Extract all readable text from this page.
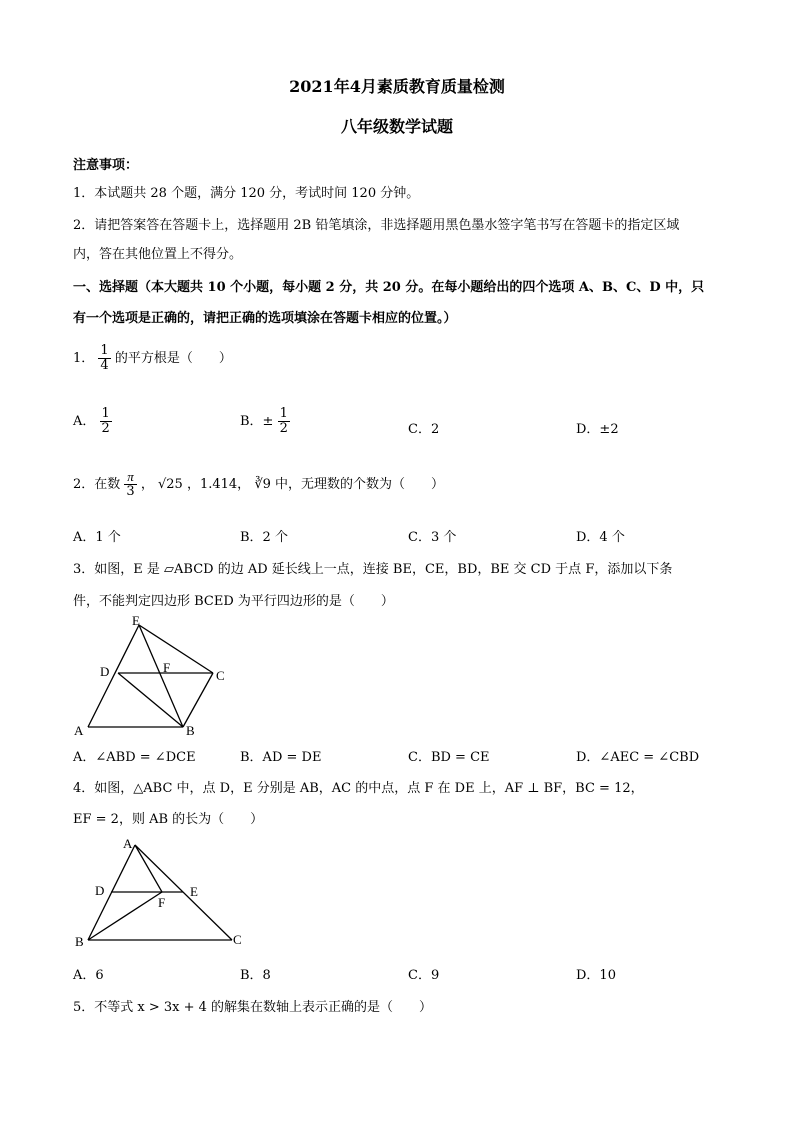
2021年4月素质教育质量检测
八年级数学试题
注意事项：
1．本试题共 28 个题，满分 120 分，考试时间 120 分钟。
2．请把答案答在答题卡上，选择题用 2B 铅笔填涂，非选择题用黑色墨水签字笔书写在答题卡的指定区域
内，答在其他位置上不得分。
一、选择题（本大题共 10 个小题，每小题 2 分，共 20 分。在每小题给出的四个选项 A、B、C、D 中，只
有一个选项是正确的，请把正确的选项填涂在答题卡相应的位置。）
1． $\frac{1}{4}$ 的平方根是（　　）
A． $\frac{1}{2}$	B．± $\frac{1}{2}$	C．2	D．±2
2．在数 $\frac{\pi}{3}$ ， √25 ，1.414， ∛9 中，无理数的个数为（　　）
A．1 个	B．2 个	C．3 个	D．4 个
3．如图，E 是 ▱ABCD 的边 AD 延长线上一点，连接 BE，CE，BD，BE 交 CD 于点 F，添加以下条
件，不能判定四边形 BCED 为平行四边形的是（　　）
E
D	F
C
A	B
A．∠ABD = ∠DCE	B．AD = DE	C．BD = CE	D．∠AEC = ∠CBD
4．如图，△ABC 中，点 D，E 分别是 AB，AC 的中点，点 F 在 DE 上，AF ⊥ BF，BC = 12，
EF = 2，则 AB 的长为（　　）
A
D	E
F
B	C
A．6	B．8	C．9	D．10
5．不等式 x > 3x + 4 的解集在数轴上表示正确的是（　　）
